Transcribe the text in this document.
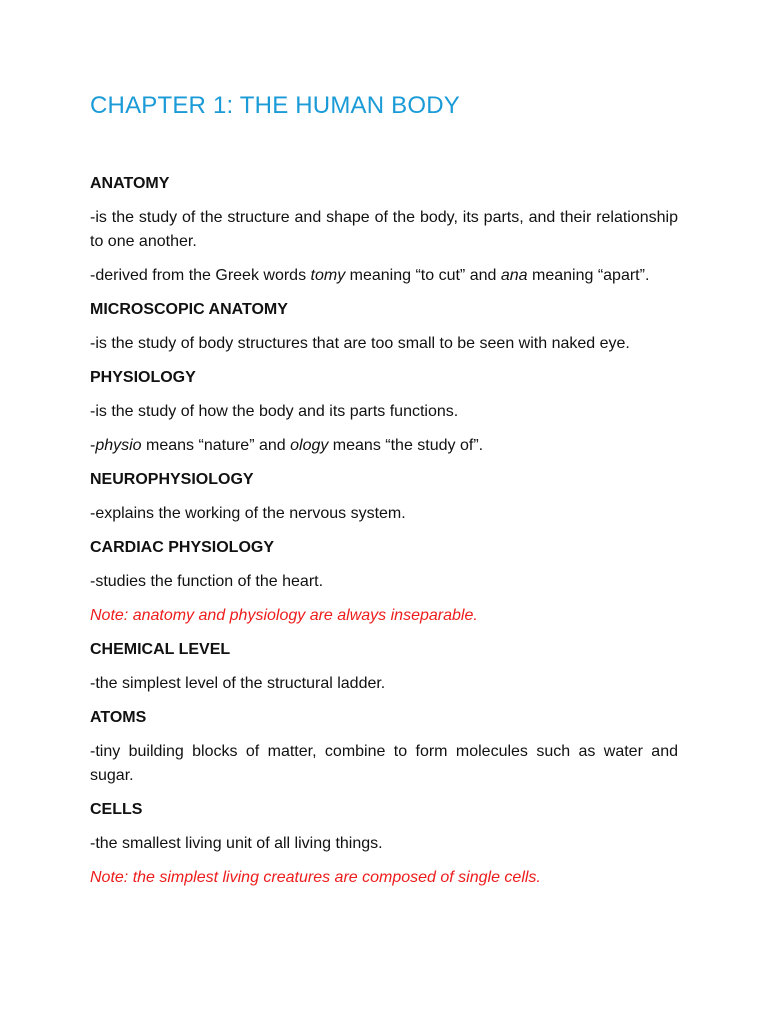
CHAPTER 1: THE HUMAN BODY

ANATOMY

-is the study of the structure and shape of the body, its parts, and their relationship to one another.

-derived from the Greek words tomy meaning “to cut” and ana meaning “apart”.

MICROSCOPIC ANATOMY

-is the study of body structures that are too small to be seen with naked eye.

PHYSIOLOGY

-is the study of how the body and its parts functions.

-physio means “nature” and ology means “the study of”.

NEUROPHYSIOLOGY

-explains the working of the nervous system.

CARDIAC PHYSIOLOGY

-studies the function of the heart.

Note: anatomy and physiology are always inseparable.

CHEMICAL LEVEL

-the simplest level of the structural ladder.

ATOMS

-tiny building blocks of matter, combine to form molecules such as water and sugar.

CELLS

-the smallest living unit of all living things.

Note: the simplest living creatures are composed of single cells.
